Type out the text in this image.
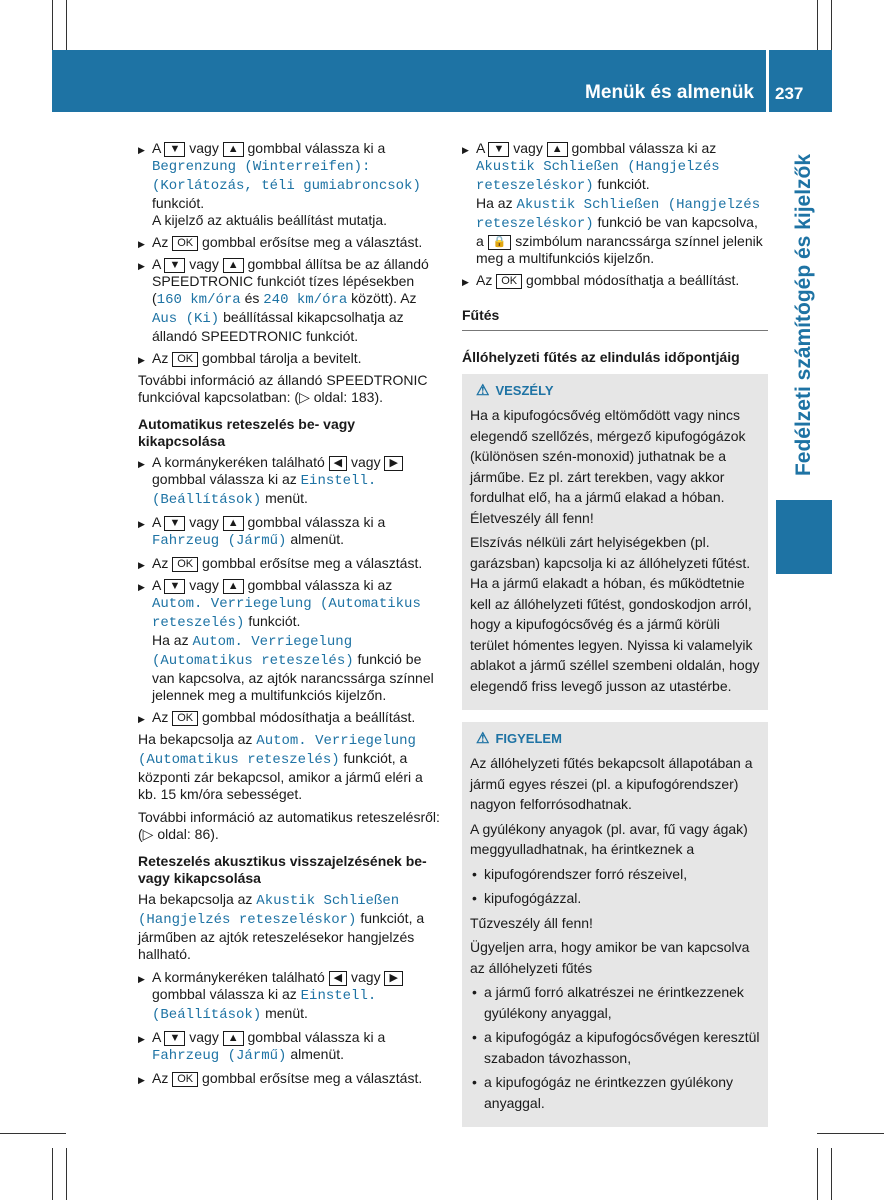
Menük és almenük 237
Fedélzeti számítógép és kijelzők
▶ A ▼ vagy ▲ gombbal válassza ki a Begrenzung (Winterreifen): (Korlátozás, téli gumiabroncsok) funkciót.
A kijelző az aktuális beállítást mutatja.
▶ Az OK gombbal erősítse meg a választást.
▶ A ▼ vagy ▲ gombbal állítsa be az állandó SPEEDTRONIC funkciót tízes lépésekben (160 km/óra és 240 km/óra között). Az Aus (Ki) beállítással kikapcsolhatja az állandó SPEEDTRONIC funkciót.
▶ Az OK gombbal tárolja a bevitelt.

További információ az állandó SPEEDTRONIC funkcióval kapcsolatban: (▷ oldal: 183).

Automatikus reteszelés be- vagy kikapcsolása
▶ A kormánykeréken található ◀ vagy ▶ gombbal válassza ki az Einstell. (Beállítások) menüt.
▶ A ▼ vagy ▲ gombbal válassza ki a Fahrzeug (Jármű) almenüt.
▶ Az OK gombbal erősítse meg a választást.
▶ A ▼ vagy ▲ gombbal válassza ki az Autom. Verriegelung (Automatikus reteszelés) funkciót.
Ha az Autom. Verriegelung (Automatikus reteszelés) funkció be van kapcsolva, az ajtók narancssárga színnel jelennek meg a multifunkciós kijelzőn.
▶ Az OK gombbal módosíthatja a beállítást.

Ha bekapcsolja az Autom. Verriegelung (Automatikus reteszelés) funkciót, a központi zár bekapcsol, amikor a jármű eléri a kb. 15 km/óra sebességet.

További információ az automatikus reteszelésről: (▷ oldal: 86).

Reteszelés akusztikus visszajelzésének be- vagy kikapcsolása

Ha bekapcsolja az Akustik Schließen (Hangjelzés reteszeléskor) funkciót, a járműben az ajtók reteszelésekor hangjelzés hallható.

▶ A kormánykeréken található ◀ vagy ▶ gombbal válassza ki az Einstell. (Beállítások) menüt.
▶ A ▼ vagy ▲ gombbal válassza ki a Fahrzeug (Jármű) almenüt.
▶ Az OK gombbal erősítse meg a választást.
▶ A ▼ vagy ▲ gombbal válassza ki az Akustik Schließen (Hangjelzés reteszeléskor) funkciót.
Ha az Akustik Schließen (Hangjelzés reteszeléskor) funkció be van kapcsolva, a 🔒 szimbólum narancssárga színnel jelenik meg a multifunkciós kijelzőn.
▶ Az OK gombbal módosíthatja a beállítást.
Fűtés
Állóhelyzeti fűtés az elindulás időpontjáig
⚠ VESZÉLY

Ha a kipufogócsővég eltömődött vagy nincs elegendő szellőzés, mérgező kipufogógázok (különösen szén-monoxid) juthatnak be a járműbe. Ez pl. zárt terekben, vagy akkor fordulhat elő, ha a jármű elakad a hóban. Életveszély áll fenn!

Elszívás nélküli zárt helyiségekben (pl. garázsban) kapcsolja ki az állóhelyzeti fűtést. Ha a jármű elakadt a hóban, és működtetnie kell az állóhelyzeti fűtést, gondoskodjon arról, hogy a kipufogócsővég és a jármű körüli terület hómentes legyen. Nyissa ki valamelyik ablakot a jármű széllel szembeni oldalán, hogy elegendő friss levegő jusson az utastérbe.

⚠ FIGYELEM

Az állóhelyzeti fűtés bekapcsolt állapotában a jármű egyes részei (pl. a kipufogórendszer) nagyon felforrósodhatnak.

A gyúlékony anyagok (pl. avar, fű vagy ágak) meggyulladhatnak, ha érintkeznek a

• kipufogórendszer forró részeivel,
• kipufogógázzal.

Tűzveszély áll fenn!

Ügyeljen arra, hogy amikor be van kapcsolva az állóhelyzeti fűtés

• a jármű forró alkatrészei ne érintkezzenek gyúlékony anyaggal,
• a kipufogógáz a kipufogócsővégen keresztül szabadon távozhasson,
• a kipufogógáz ne érintkezzen gyúlékony anyaggal.
